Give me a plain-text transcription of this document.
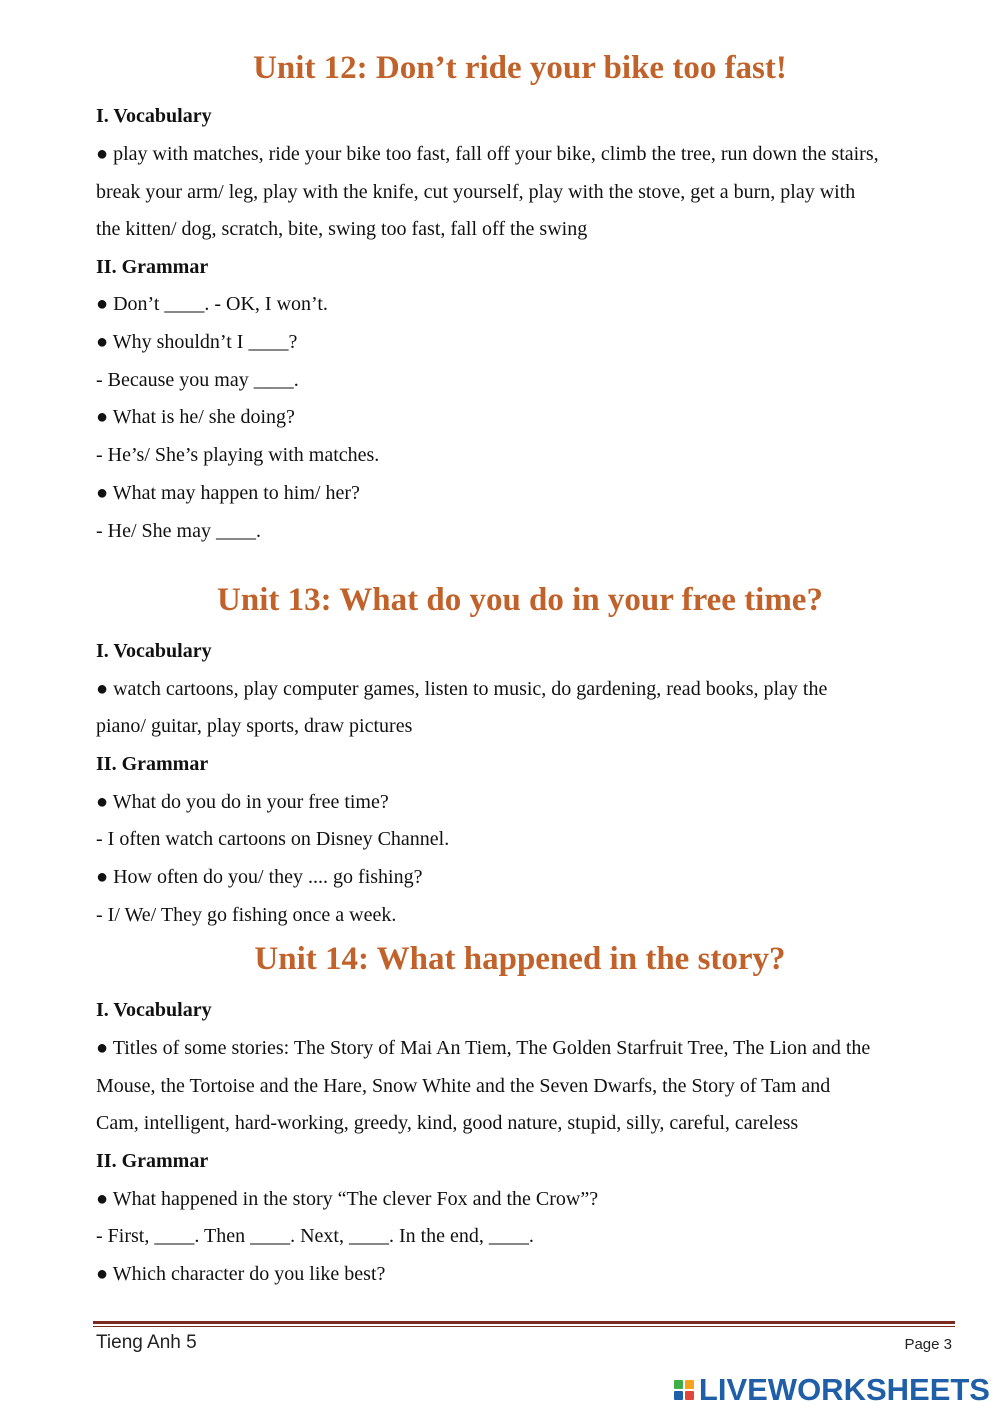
Unit 12: Don’t ride your bike too fast!
I. Vocabulary
● play with matches, ride your bike too fast, fall off your bike, climb the tree, run down the stairs,
break your arm/ leg, play with the knife, cut yourself, play with the stove, get a burn, play with
the kitten/ dog, scratch, bite, swing too fast, fall off the swing
II. Grammar
● Don’t ____. - OK, I won’t.
● Why shouldn’t I ____?
- Because you may ____.
● What is he/ she doing?
- He’s/ She’s playing with matches.
● What may happen to him/ her?
- He/ She may ____.
Unit 13: What do you do in your free time?
I. Vocabulary
● watch cartoons, play computer games, listen to music, do gardening, read books, play the
piano/ guitar, play sports, draw pictures
II. Grammar
● What do you do in your free time?
- I often watch cartoons on Disney Channel.
● How often do you/ they .... go fishing?
- I/ We/ They go fishing once a week.
Unit 14: What happened in the story?
I. Vocabulary
● Titles of some stories: The Story of Mai An Tiem, The Golden Starfruit Tree, The Lion and the
Mouse, the Tortoise and the Hare, Snow White and the Seven Dwarfs, the Story of Tam and
Cam, intelligent, hard-working, greedy, kind, good nature, stupid, silly, careful, careless
II. Grammar
● What happened in the story “The clever Fox and the Crow”?
- First, ____. Then ____. Next, ____. In the end, ____.
● Which character do you like best?
Tieng Anh 5	Page 3
LIVEWORKSHEETS
